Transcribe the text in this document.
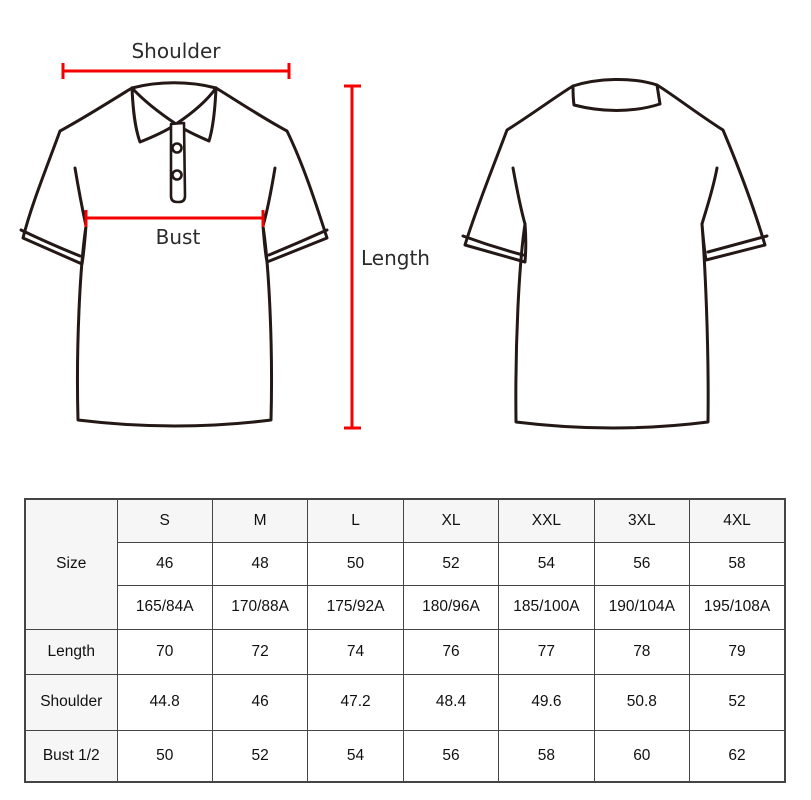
Shoulder
Bust
Length
Size	S	M	L	XL	XXL	3XL	4XL
	46	48	50	52	54	56	58
	165/84A	170/88A	175/92A	180/96A	185/100A	190/104A	195/108A
Length	70	72	74	76	77	78	79
Shoulder	44.8	46	47.2	48.4	49.6	50.8	52
Bust 1/2	50	52	54	56	58	60	62
